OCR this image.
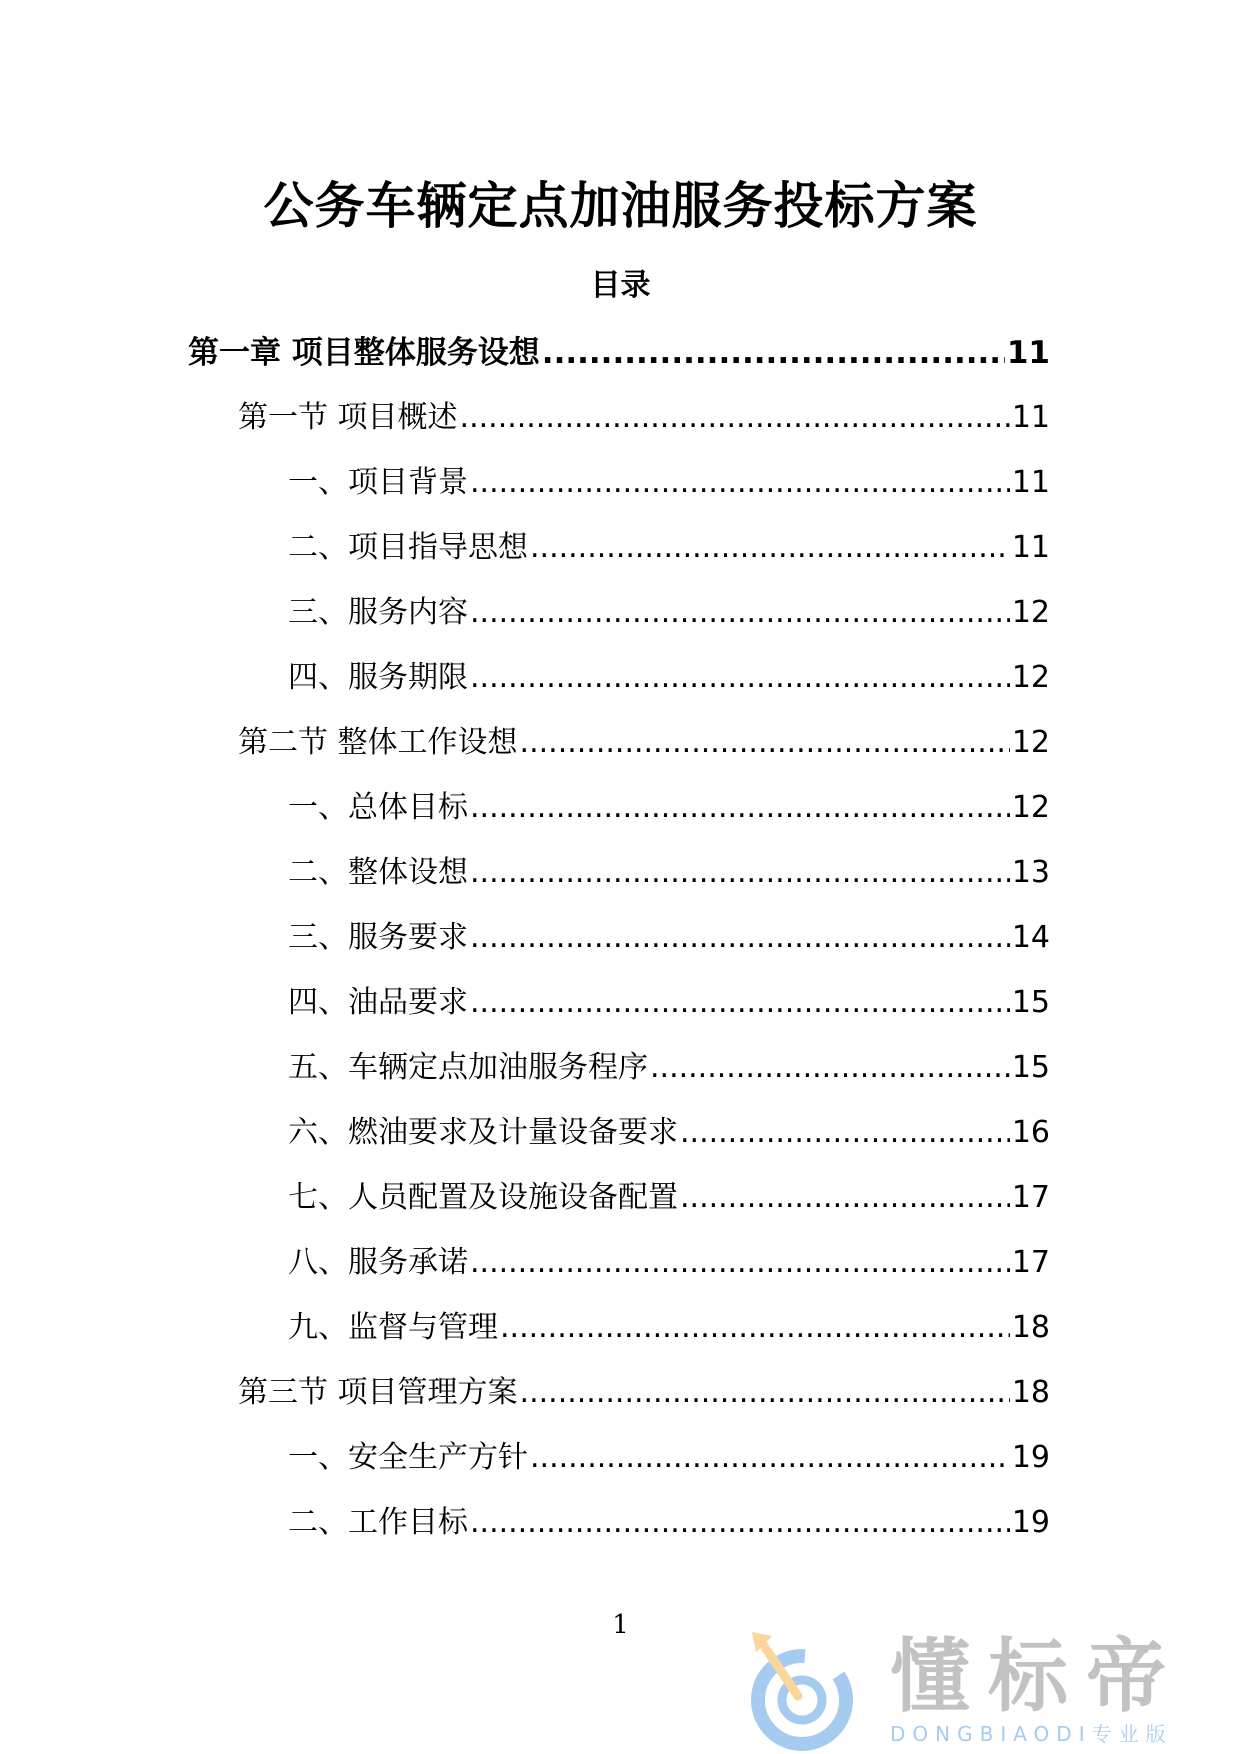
公务车辆定点加油服务投标方案
目录
第一章 项目整体服务设想 .....	11
第一节 项目概述 .....	11
一、项目背景 .....	11
二、项目指导思想 .....	11
三、服务内容 .....	12
四、服务期限 .....	12
第二节 整体工作设想 .....	12
一、总体目标 .....	12
二、整体设想 .....	13
三、服务要求 .....	14
四、油品要求 .....	15
五、车辆定点加油服务程序 .....	15
六、燃油要求及计量设备要求 .....	16
七、人员配置及设施设备配置 .....	17
八、服务承诺 .....	17
九、监督与管理 .....	18
第三节 项目管理方案 .....	18
一、安全生产方针 .....	19
二、工作目标 .....	19
1
懂标帝
DONGBIAODI专业版
